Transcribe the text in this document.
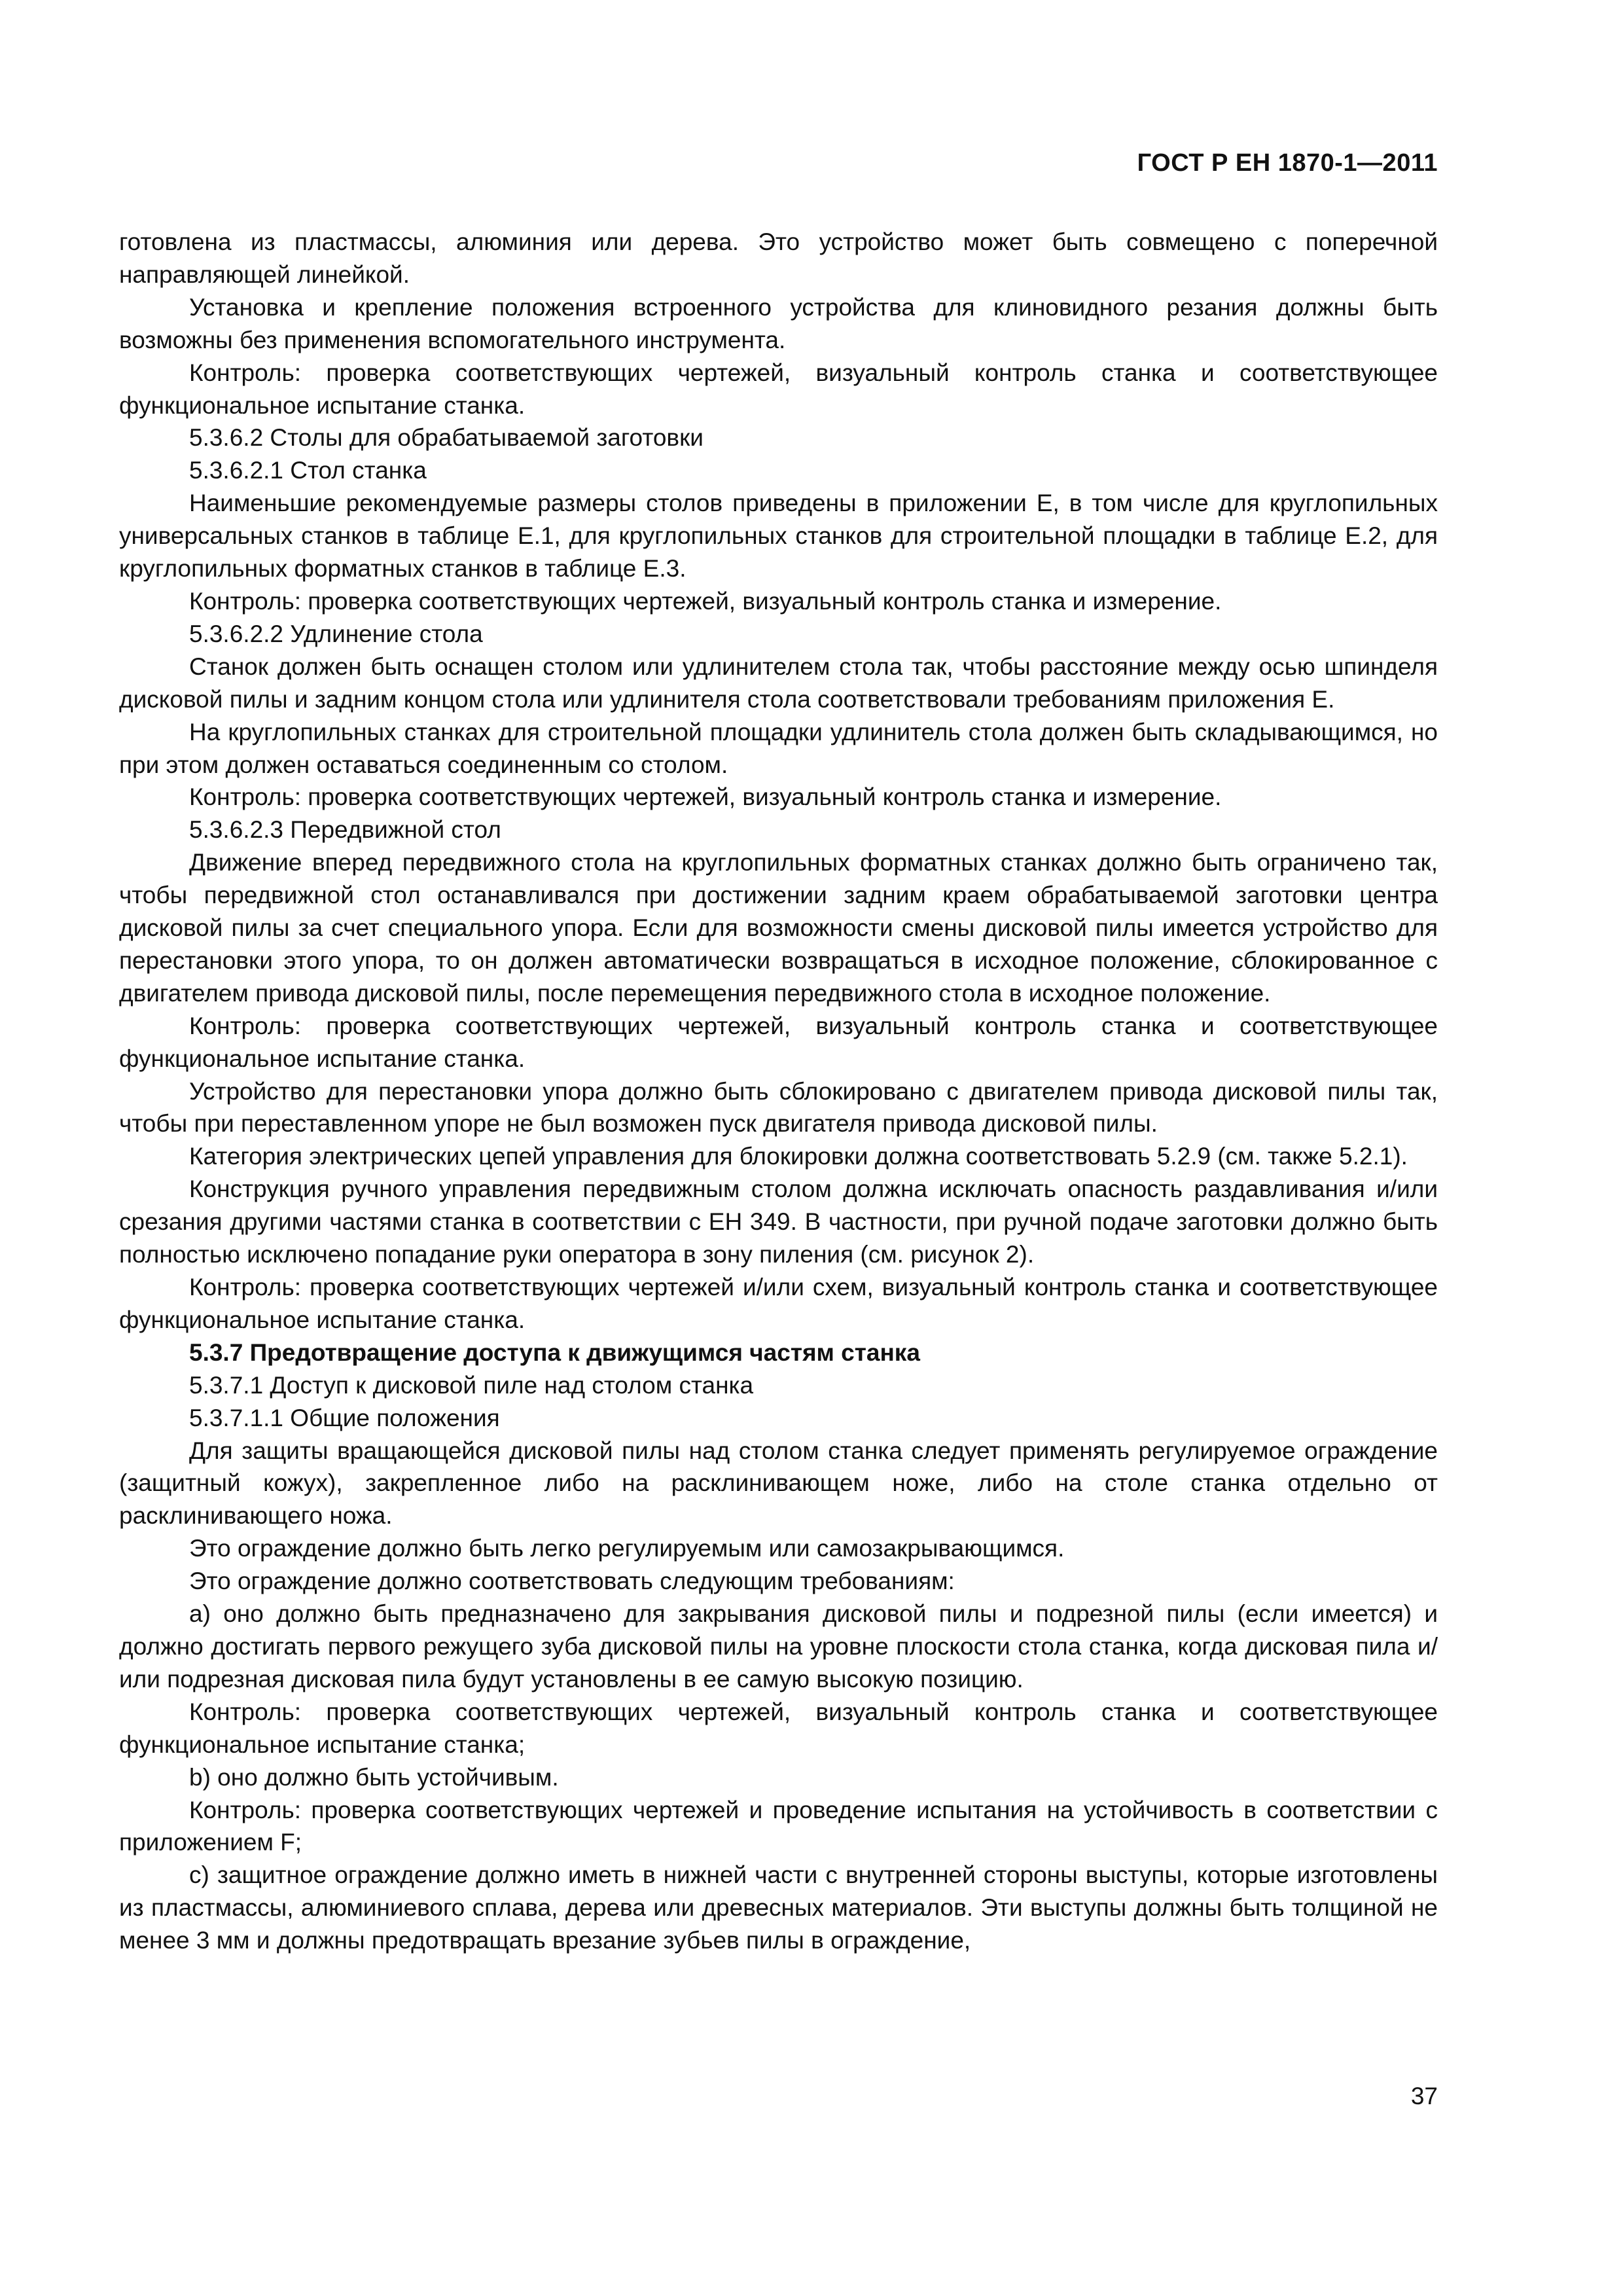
ГОСТ Р ЕН 1870-1—2011

готовлена из пластмассы, алюминия или дерева. Это устройство может быть совмещено с поперечной направляющей линейкой.

Установка и крепление положения встроенного устройства для клиновидного резания должны быть возможны без применения вспомогательного инструмента.

Контроль: проверка соответствующих чертежей, визуальный контроль станка и соответствующее функциональное испытание станка.

5.3.6.2 Столы для обрабатываемой заготовки

5.3.6.2.1 Стол станка

Наименьшие рекомендуемые размеры столов приведены в приложении Е, в том числе для круглопильных универсальных станков в таблице Е.1, для круглопильных станков для строительной площадки в таблице Е.2, для круглопильных форматных станков в таблице Е.3.

Контроль: проверка соответствующих чертежей, визуальный контроль станка и измерение.

5.3.6.2.2 Удлинение стола

Станок должен быть оснащен столом или удлинителем стола так, чтобы расстояние между осью шпинделя дисковой пилы и задним концом стола или удлинителя стола соответствовали требованиям приложения Е.

На круглопильных станках для строительной площадки удлинитель стола должен быть складывающимся, но при этом должен оставаться соединенным со столом.

Контроль: проверка соответствующих чертежей, визуальный контроль станка и измерение.

5.3.6.2.3 Передвижной стол

Движение вперед передвижного стола на круглопильных форматных станках должно быть ограничено так, чтобы передвижной стол останавливался при достижении задним краем обрабатываемой заготовки центра дисковой пилы за счет специального упора. Если для возможности смены дисковой пилы имеется устройство для перестановки этого упора, то он должен автоматически возвращаться в исходное положение, сблокированное с двигателем привода дисковой пилы, после перемещения передвижного стола в исходное положение.

Контроль: проверка соответствующих чертежей, визуальный контроль станка и соответствующее функциональное испытание станка.

Устройство для перестановки упора должно быть сблокировано с двигателем привода дисковой пилы так, чтобы при переставленном упоре не был возможен пуск двигателя привода дисковой пилы.

Категория электрических цепей управления для блокировки должна соответствовать 5.2.9 (см. также 5.2.1).

Конструкция ручного управления передвижным столом должна исключать опасность раздавливания и/или срезания другими частями станка в соответствии с ЕН 349. В частности, при ручной подаче заготовки должно быть полностью исключено попадание руки оператора в зону пиления (см. рисунок 2).

Контроль: проверка соответствующих чертежей и/или схем, визуальный контроль станка и соответствующее функциональное испытание станка.

5.3.7 Предотвращение доступа к движущимся частям станка

5.3.7.1 Доступ к дисковой пиле над столом станка

5.3.7.1.1 Общие положения

Для защиты вращающейся дисковой пилы над столом станка следует применять регулируемое ограждение (защитный кожух), закрепленное либо на расклинивающем ноже, либо на столе станка отдельно от расклинивающего ножа.

Это ограждение должно быть легко регулируемым или самозакрывающимся.

Это ограждение должно соответствовать следующим требованиям:

а) оно должно быть предназначено для закрывания дисковой пилы и подрезной пилы (если имеется) и должно достигать первого режущего зуба дисковой пилы на уровне плоскости стола станка, когда дисковая пила и/или подрезная дисковая пила будут установлены в ее самую высокую позицию.

Контроль: проверка соответствующих чертежей, визуальный контроль станка и соответствующее функциональное испытание станка;

b) оно должно быть устойчивым.

Контроль: проверка соответствующих чертежей и проведение испытания на устойчивость в соответствии с приложением F;

с) защитное ограждение должно иметь в нижней части с внутренней стороны выступы, которые изготовлены из пластмассы, алюминиевого сплава, дерева или древесных материалов. Эти выступы должны быть толщиной не менее 3 мм и должны предотвращать врезание зубьев пилы в ограждение,

37
